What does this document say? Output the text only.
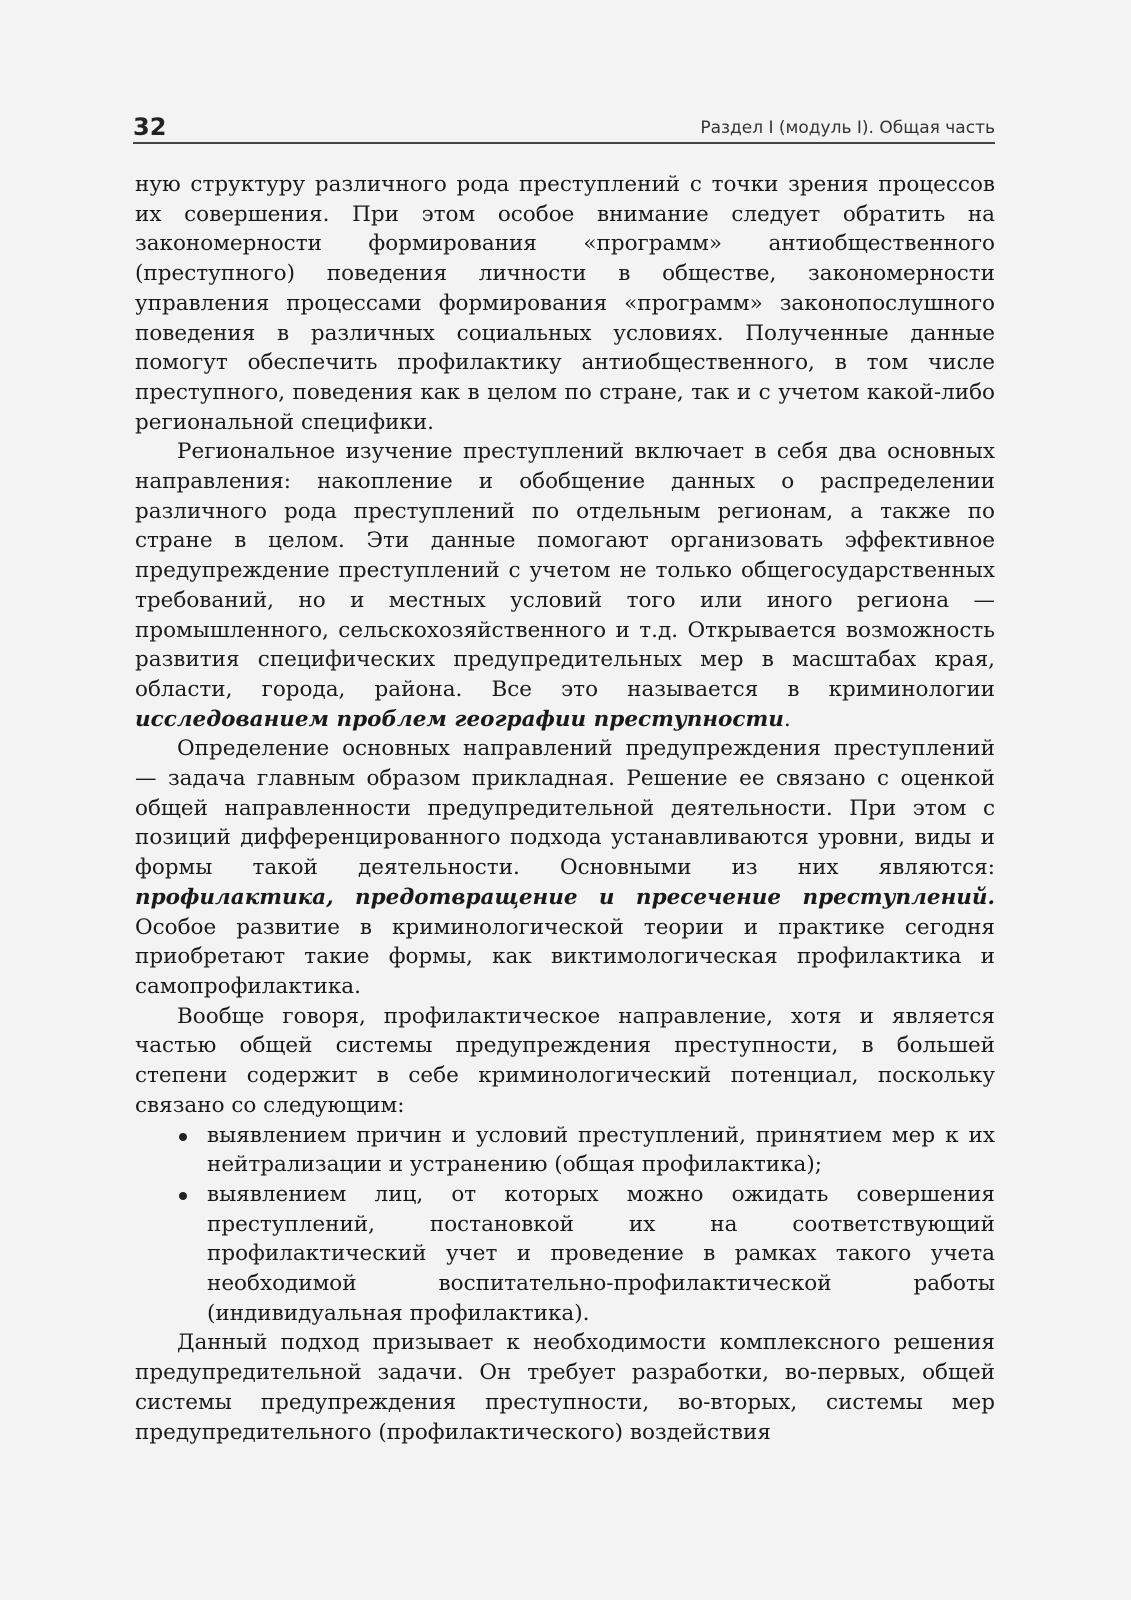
32	Раздел I (модуль I). Общая часть

ную структуру различного рода преступлений с точки зрения процессов их совершения. При этом особое внимание следует обратить на закономерности формирования «программ» антиобщественного (преступного) поведения личности в обществе, закономерности управления процессами формирования «программ» законопослушного поведения в различных социальных условиях. Полученные данные помогут обеспечить профилактику антиобщественного, в том числе преступного, поведения как в целом по стране, так и с учетом какой-либо региональной специфики.

Региональное изучение преступлений включает в себя два основных направления: накопление и обобщение данных о распределении различного рода преступлений по отдельным регионам, а также по стране в целом. Эти данные помогают организовать эффективное предупреждение преступлений с учетом не только общегосударственных требований, но и местных условий того или иного региона — промышленного, сельскохозяйственного и т.д. Открывается возможность развития специфических предупредительных мер в масштабах края, области, города, района. Все это называется в криминологии исследованием проблем географии преступности.

Определение основных направлений предупреждения преступлений — задача главным образом прикладная. Решение ее связано с оценкой общей направленности предупредительной деятельности. При этом с позиций дифференцированного подхода устанавливаются уровни, виды и формы такой деятельности. Основными из них являются: профилактика, предотвращение и пресечение преступлений. Особое развитие в криминологической теории и практике сегодня приобретают такие формы, как виктимологическая профилактика и самопрофилактика.

Вообще говоря, профилактическое направление, хотя и является частью общей системы предупреждения преступности, в большей степени содержит в себе криминологический потенциал, поскольку связано со следующим:

выявлением причин и условий преступлений, принятием мер к их нейтрализации и устранению (общая профилактика);
выявлением лиц, от которых можно ожидать совершения преступлений, постановкой их на соответствующий профилактический учет и проведение в рамках такого учета необходимой воспитательно-профилактической работы (индивидуальная профилактика).

Данный подход призывает к необходимости комплексного решения предупредительной задачи. Он требует разработки, во-первых, общей системы предупреждения преступности, во-вторых, системы мер предупредительного (профилактического) воздействия
